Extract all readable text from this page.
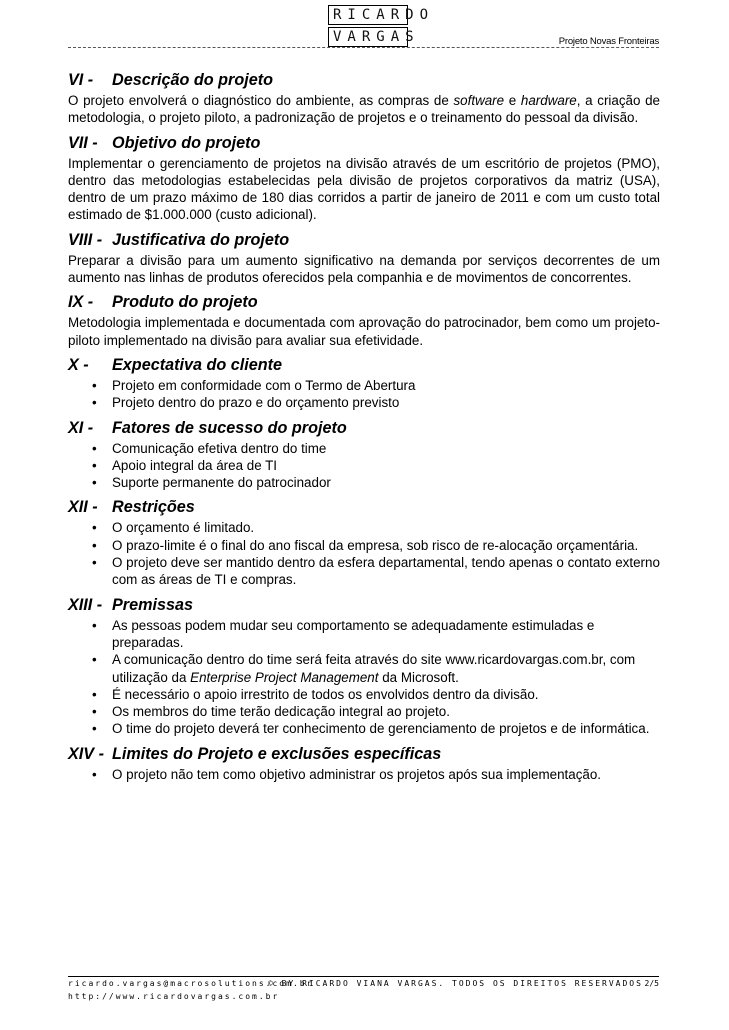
RICARDO
VARGAS	Projeto Novas Fronteiras
VI - Descrição do projeto

O projeto envolverá o diagnóstico do ambiente, as compras de software e hardware, a criação de metodologia, o projeto piloto, a padronização de projetos e o treinamento do pessoal da divisão.

VII - Objetivo do projeto

Implementar o gerenciamento de projetos na divisão através de um escritório de projetos (PMO), dentro das metodologias estabelecidas pela divisão de projetos corporativos da matriz (USA), dentro de um prazo máximo de 180 dias corridos a partir de janeiro de 2011 e com um custo total estimado de $1.000.000 (custo adicional).

VIII - Justificativa do projeto

Preparar a divisão para um aumento significativo na demanda por serviços decorrentes de um aumento nas linhas de produtos oferecidos pela companhia e de movimentos de concorrentes.

IX - Produto do projeto

Metodologia implementada e documentada com aprovação do patrocinador, bem como um projeto-piloto implementado na divisão para avaliar sua efetividade.

X - Expectativa do cliente
• Projeto em conformidade com o Termo de Abertura
• Projeto dentro do prazo e do orçamento previsto
XI - Fatores de sucesso do projeto
• Comunicação efetiva dentro do time
• Apoio integral da área de TI
• Suporte permanente do patrocinador
XII - Restrições
• O orçamento é limitado.
• O prazo-limite é o final do ano fiscal da empresa, sob risco de re-alocação orçamentária.
• O projeto deve ser mantido dentro da esfera departamental, tendo apenas o contato externo com as áreas de TI e compras.
XIII - Premissas
• As pessoas podem mudar seu comportamento se adequadamente estimuladas e preparadas.
• A comunicação dentro do time será feita através do site www.ricardovargas.com.br, com utilização da Enterprise Project Management da Microsoft.
• É necessário o apoio irrestrito de todos os envolvidos dentro da divisão.
• Os membros do time terão dedicação integral ao projeto.
• O time do projeto deverá ter conhecimento de gerenciamento de projetos e de informática.
XIV - Limites do Projeto e exclusões específicas
• O projeto não tem como objetivo administrar os projetos após sua implementação.
ricardo.vargas@macrosolutions.com.br
© BY RICARDO VIANA VARGAS. TODOS OS DIREITOS RESERVADOS 2/5
http://www.ricardovargas.com.br
